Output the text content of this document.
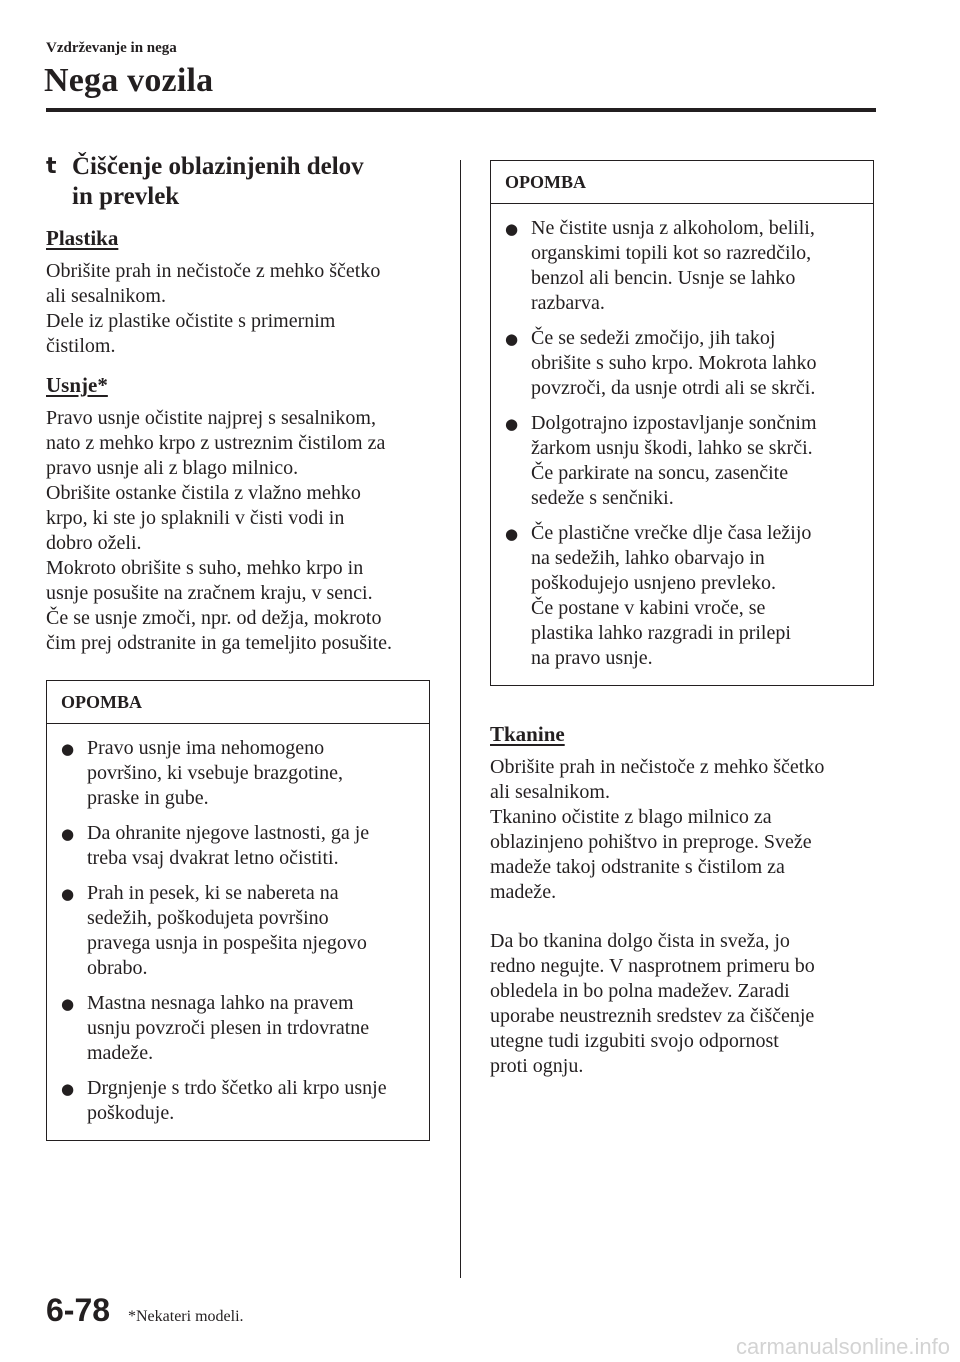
Vzdrževanje in nega
Nega vozila
t Čiščenje oblazinjenih delov
in prevlek
Plastika
Obrišite prah in nečistoče z mehko ščetko
ali sesalnikom.
Dele iz plastike očistite s primernim
čistilom.
Usnje*
Pravo usnje očistite najprej s sesalnikom,
nato z mehko krpo z ustreznim čistilom za
pravo usnje ali z blago milnico.
Obrišite ostanke čistila z vlažno mehko
krpo, ki ste jo splaknili v čisti vodi in
dobro oželi.
Mokroto obrišite s suho, mehko krpo in
usnje posušite na zračnem kraju, v senci.
Če se usnje zmoči, npr. od dežja, mokroto
čim prej odstranite in ga temeljito posušite.
OPOMBA
● Pravo usnje ima nehomogeno
površino, ki vsebuje brazgotine,
praske in gube.
● Da ohranite njegove lastnosti, ga je
treba vsaj dvakrat letno očistiti.
● Prah in pesek, ki se nabereta na
sedežih, poškodujeta površino
pravega usnja in pospešita njegovo
obrabo.
● Mastna nesnaga lahko na pravem
usnju povzroči plesen in trdovratne
madeže.
● Drgnjenje s trdo ščetko ali krpo usnje
poškoduje.
OPOMBA
● Ne čistite usnja z alkoholom, belili,
organskimi topili kot so razredčilo,
benzol ali bencin. Usnje se lahko
razbarva.
● Če se sedeži zmočijo, jih takoj
obrišite s suho krpo. Mokrota lahko
povzroči, da usnje otrdi ali se skrči.
● Dolgotrajno izpostavljanje sončnim
žarkom usnju škodi, lahko se skrči.
Če parkirate na soncu, zasenčite
sedeže s senčniki.
● Če plastične vrečke dlje časa ležijo
na sedežih, lahko obarvajo in
poškodujejo usnjeno prevleko.
Če postane v kabini vroče, se
plastika lahko razgradi in prilepi
na pravo usnje.
Tkanine
Obrišite prah in nečistoče z mehko ščetko
ali sesalnikom.
Tkanino očistite z blago milnico za
oblazinjeno pohištvo in preproge. Sveže
madeže takoj odstranite s čistilom za
madeže.
Da bo tkanina dolgo čista in sveža, jo
redno negujte. V nasprotnem primeru bo
obledela in bo polna madežev. Zaradi
uporabe neustreznih sredstev za čiščenje
utegne tudi izgubiti svojo odpornost
proti ognju.
6-78 *Nekateri modeli.
carmanualsonline.info
